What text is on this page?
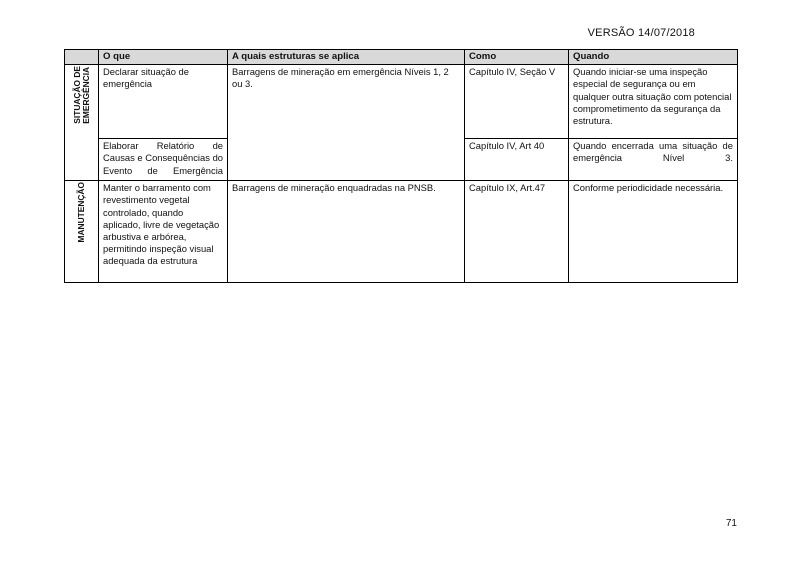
VERSÃO 14/07/2018
	O que	A quais estruturas se aplica	Como	Quando

SITUAÇÃO DE
EMERGÊNCIA	Declarar situação de emergência	Barragens de mineração em emergência Níveis 1, 2 ou 3.	Capítulo IV, Seção V	Quando iniciar-se uma inspeção especial de segurança ou em qualquer outra situação com potencial comprometimento da segurança da estrutura.
	Elaborar Relatório de Causas e Consequências do Evento de Emergência		Capítulo IV, Art 40	Quando encerrada uma situação de emergência Nível 3.

MANUTENÇÃO	Manter o barramento com revestimento vegetal controlado, quando aplicado, livre de vegetação arbustiva e arbórea, permitindo inspeção visual adequada da estrutura	Barragens de mineração enquadradas na PNSB.	Capítulo IX, Art.47	Conforme periodicidade necessária.
71
